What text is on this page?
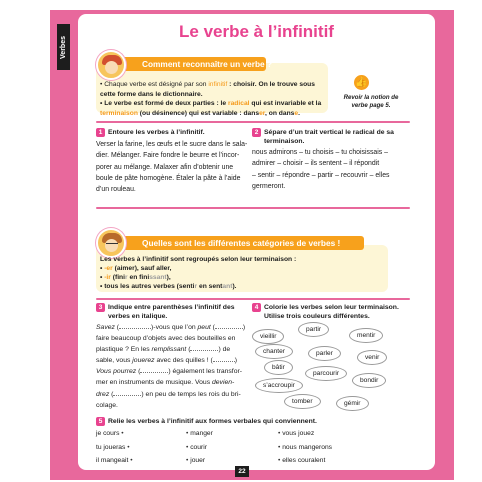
Verbes
Le verbe à l’infinitif
Comment reconnaître un verbe ?
• Chaque verbe est désigné par son infinitif : choisir. On le trouve sous cette forme dans le dictionnaire.
• Le verbe est formé de deux parties : le radical qui est invariable et la terminaison (ou désinence) qui est variable : danser, on danse.
👍
Revoir la notion de
verbe page 5.
1 Entoure les verbes à l’infinitif.
Verser la farine, les œufs et le sucre dans le sala-
dier. Mélanger. Faire fondre le beurre et l’incor-
porer au mélange. Malaxer afin d’obtenir une
boule de pâte homogène. Étaler la pâte à l’aide
d’un rouleau.
2 Sépare d’un trait vertical le radical de sa
terminaison.
nous admirons – tu choisis – tu choisissais –
admirer – choisir – ils sentent – il répondit
– sentir – répondre – partir – recouvrir – elles
germeront.
Quelles sont les différentes catégories de verbes !
Les verbes à l’infinitif sont regroupés selon leur terminaison :
• -er (aimer), sauf aller,
• -ir (finir en finissant),
• tous les autres verbes (sentir en sentant).
3 Indique entre parenthèses l’infinitif des
verbes en italique.
Savez (	)-vous que l’on peut (	)
faire beaucoup d’objets avec des bouteilles en
plastique ? En les remplissant (	) de
sable, vous jouerez avec des quilles ! (	)
Vous pourrez (	) également les transfor-
mer en instruments de musique. Vous devien-
drez (	) en peu de temps les rois du bri-
colage.
4 Colorie les verbes selon leur terminaison.
Utilise trois couleurs différentes.
partir
vieillir	mentir
chanter	parler
bâtir
venir
parcourir
s’accroupir
bondir
tomber	gémir
5 Relie les verbes à l’infinitif aux formes verbales qui conviennent.
je cours •
tu joueras •
il mangeait •
• manger
• courir
• jouer
• vous jouez
• nous mangerons
• elles couralent
22
